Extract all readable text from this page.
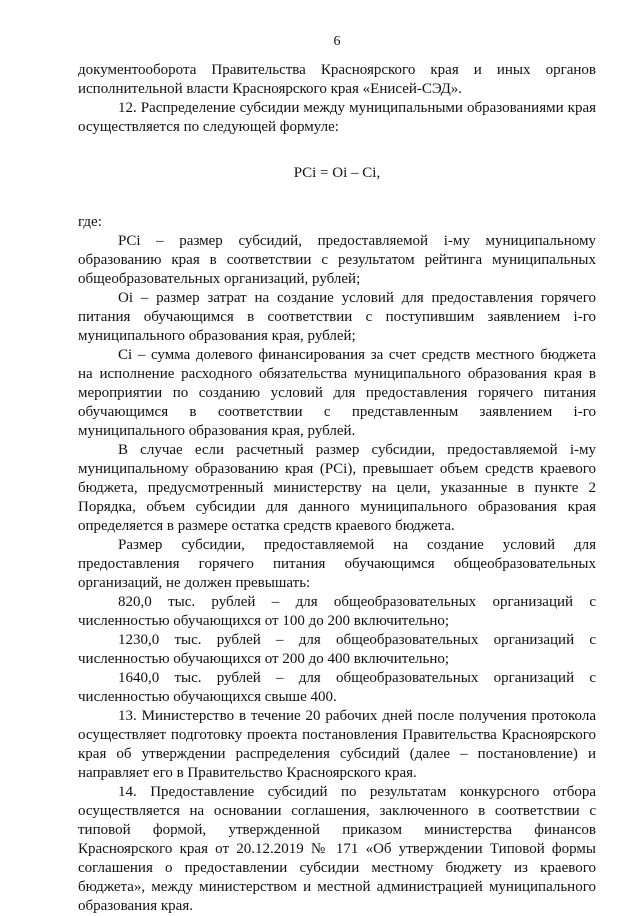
6

документооборота Правительства Красноярского края и иных органов исполнительной власти Красноярского края «Енисей-СЭД».

12. Распределение субсидии между муниципальными образованиями края осуществляется по следующей формуле:

PCi = Oi – Ci,

где:

PCi – размер субсидий, предоставляемой i-му муниципальному образованию края в соответствии с результатом рейтинга муниципальных общеобразовательных организаций, рублей;

Oi – размер затрат на создание условий для предоставления горячего питания обучающимся в соответствии с поступившим заявлением i-го муниципального образования края, рублей;

Ci – сумма долевого финансирования за счет средств местного бюджета на исполнение расходного обязательства муниципального образования края в мероприятии по созданию условий для предоставления горячего питания обучающимся в соответствии с представленным заявлением i-го муниципального образования края, рублей.

В случае если расчетный размер субсидии, предоставляемой i-му муниципальному образованию края (PCi), превышает объем средств краевого бюджета, предусмотренный министерству на цели, указанные в пункте 2 Порядка, объем субсидии для данного муниципального образования края определяется в размере остатка средств краевого бюджета.

Размер субсидии, предоставляемой на создание условий для предоставления горячего питания обучающимся общеобразовательных организаций, не должен превышать:

820,0 тыс. рублей – для общеобразовательных организаций с численностью обучающихся от 100 до 200 включительно;

1230,0 тыс. рублей – для общеобразовательных организаций с численностью обучающихся от 200 до 400 включительно;

1640,0 тыс. рублей – для общеобразовательных организаций с численностью обучающихся свыше 400.

13. Министерство в течение 20 рабочих дней после получения протокола осуществляет подготовку проекта постановления Правительства Красноярского края об утверждении распределения субсидий (далее – постановление) и направляет его в Правительство Красноярского края.

14. Предоставление субсидий по результатам конкурсного отбора осуществляется на основании соглашения, заключенного в соответствии с типовой формой, утвержденной приказом министерства финансов Красноярского края от 20.12.2019 № 171 «Об утверждении Типовой формы соглашения о предоставлении субсидии местному бюджету из краевого бюджета», между министерством и местной администрацией муниципального образования края.
